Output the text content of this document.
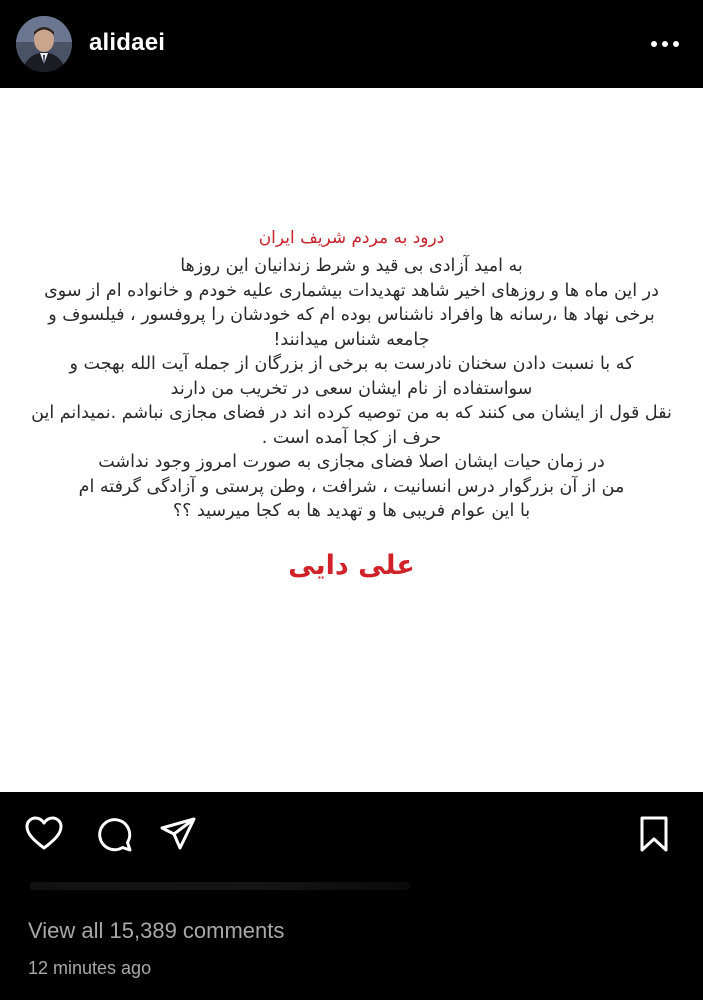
alidaei
درود به مردم شریف ایران
به امید آزادی بی قید و شرط زندانیان این روزها
در این ماه ها و روزهای اخیر شاهد تهدیدات بیشماری علیه خودم و خانواده ام از سوی
برخی نهاد ها ،رسانه ها وافراد ناشناس بوده ام که خودشان را پروفسور ، فیلسوف و
جامعه شناس میدانند!
که با نسبت دادن سخنان نادرست به برخی از بزرگان از جمله آیت الله بهجت و
سواستفاده از نام ایشان سعی در تخریب من دارند
نقل قول از ایشان می کنند که به من توصیه کرده اند در فضای مجازی نباشم .نمیدانم این
حرف از کجا آمده است .
در زمان حیات ایشان اصلا فضای مجازی به صورت امروز وجود نداشت
من از آن بزرگوار درس انسانیت ، شرافت ، وطن پرستی و آزادگی گرفته ام
با این عوام فریبی ها و تهدید ها به کجا میرسید ؟؟
علی دایی
View all 15,389 comments
12 minutes ago
